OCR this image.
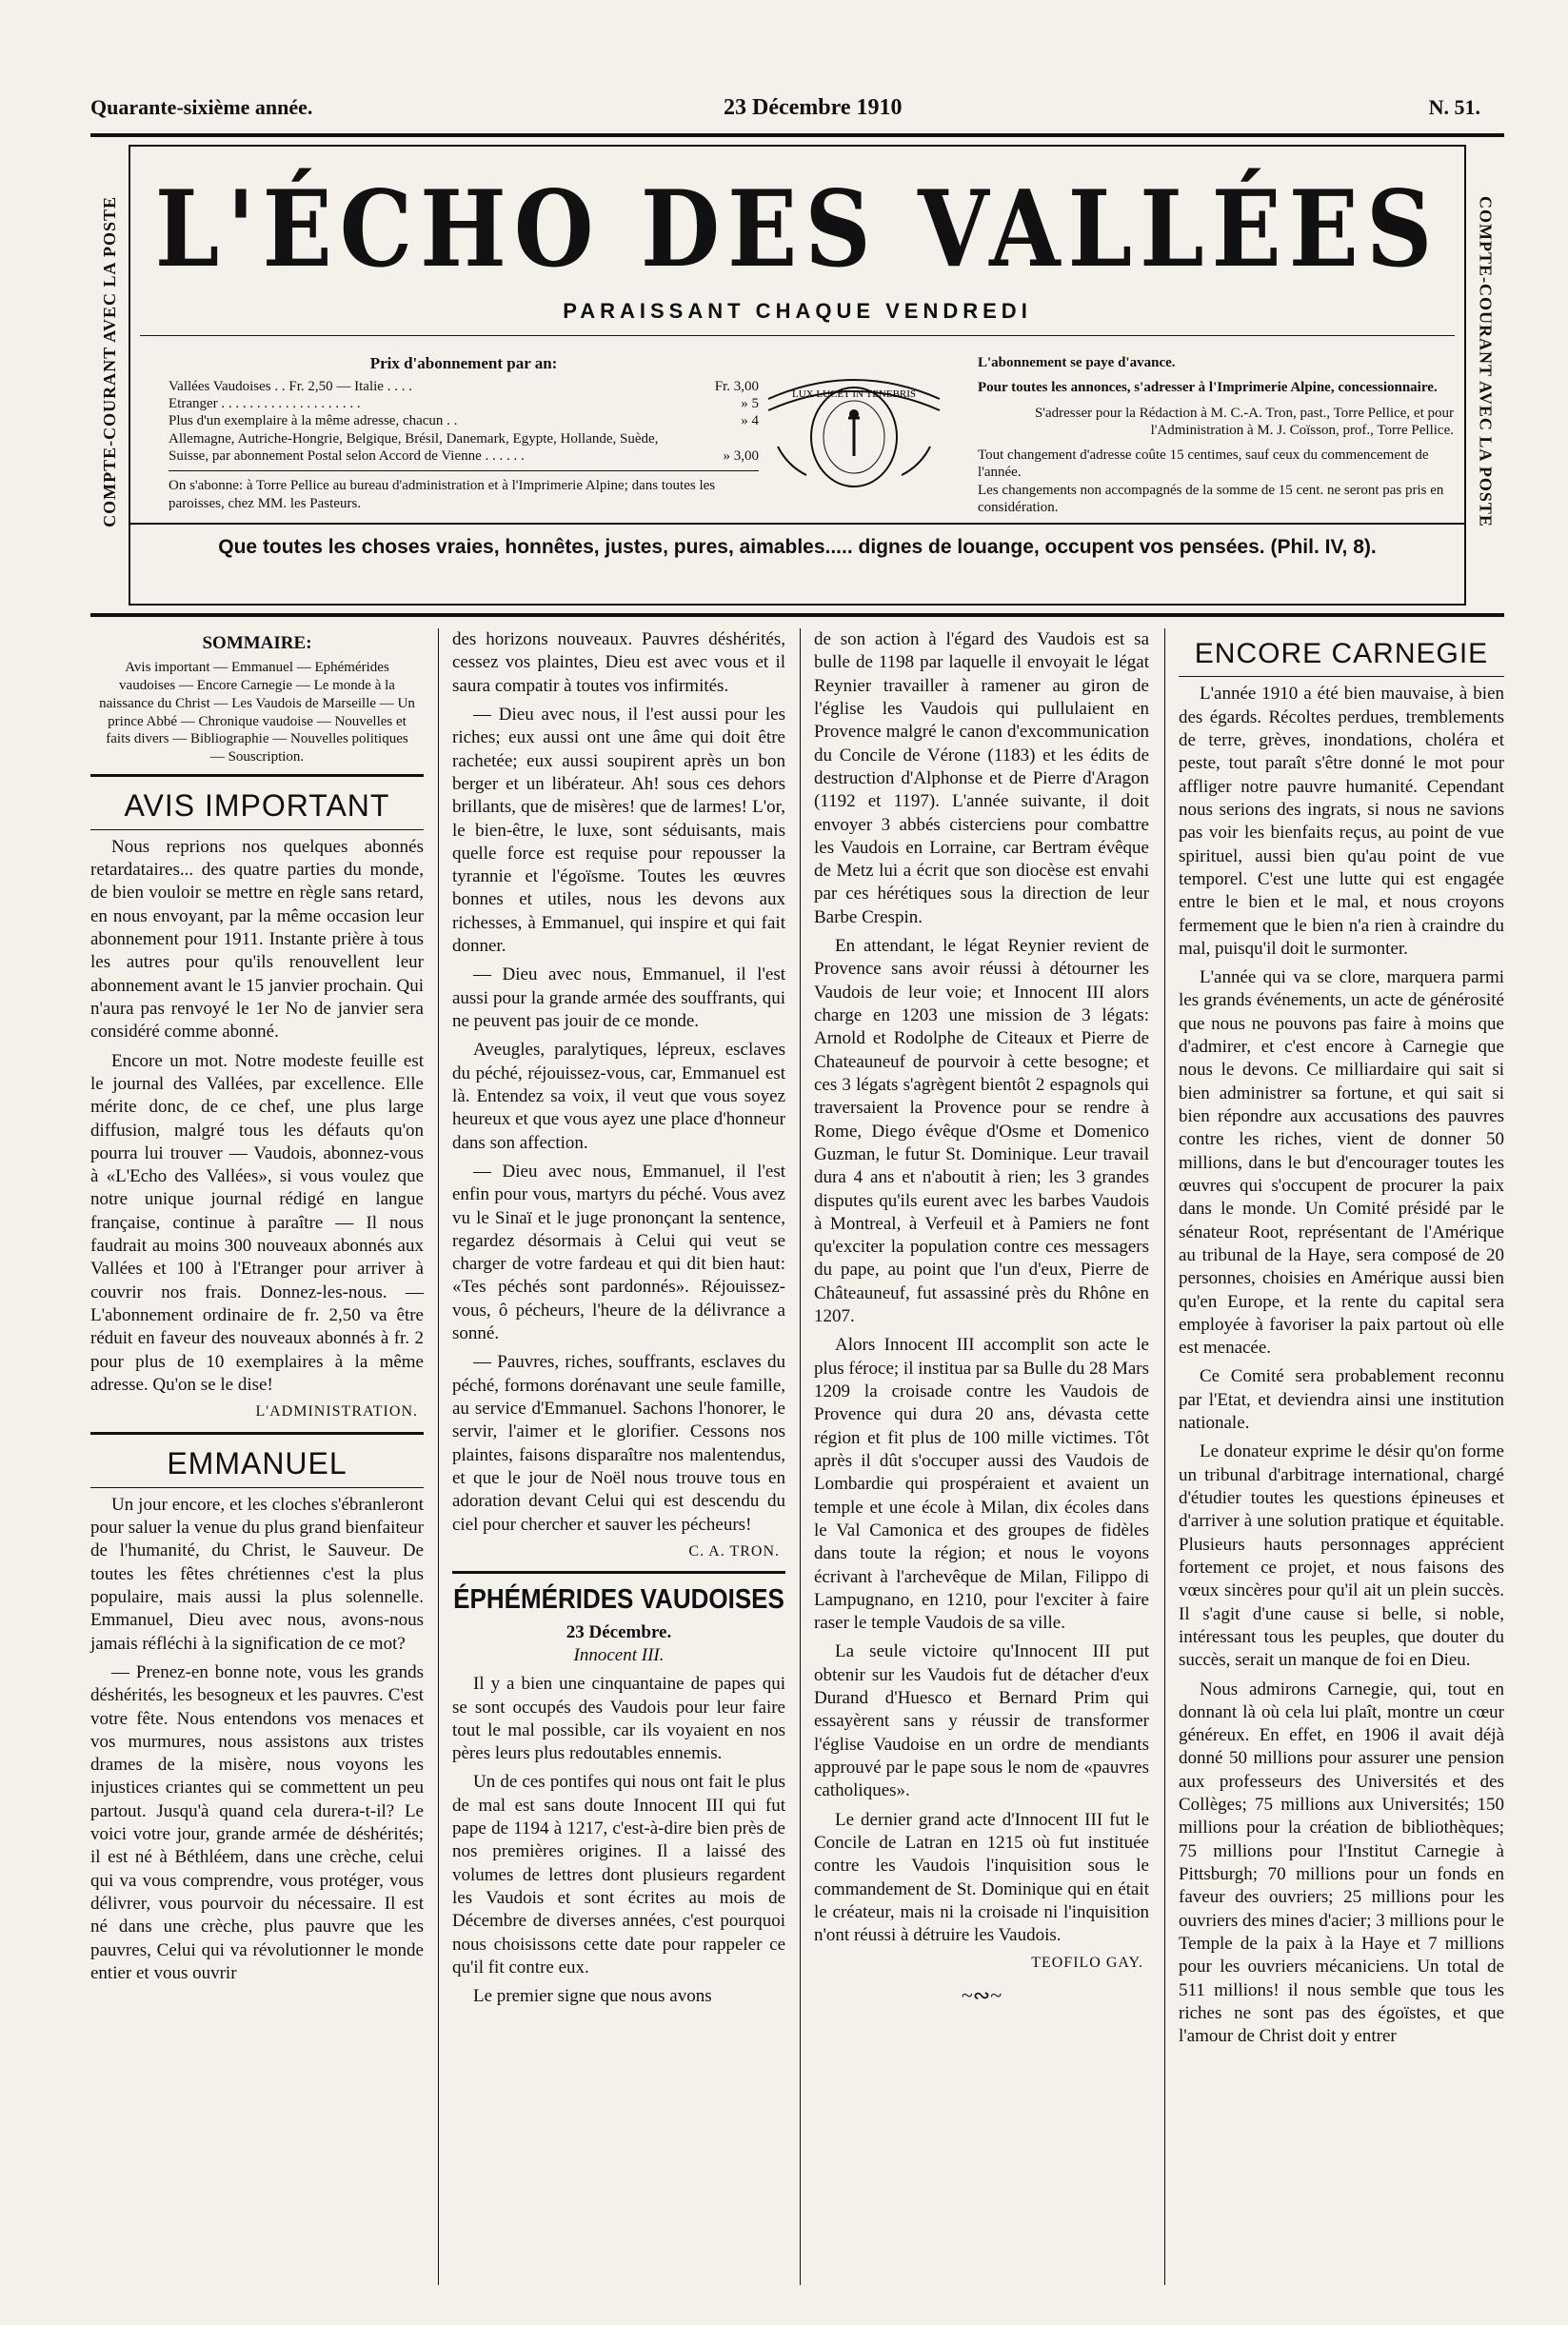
Quarante-sixième année.	23 Décembre 1910	N. 51.
COMPTE-COURANT AVEC LA POSTE	COMPTE-COURANT AVEC LA POSTE
L'ÉCHO DES VALLÉES
PARAISSANT CHAQUE VENDREDI
Prix d'abonnement par an:
Vallées Vaudoises . . Fr. 2,50 — Italie . . . .	Fr. 3,00
Etranger . . . . . . . . . . . . . . . . . . . .	» 5
Plus d'un exemplaire à la même adresse, chacun . .	» 4
Allemagne, Autriche-Hongrie, Belgique, Brésil, Danemark, Egypte, Hollande, Suède, Suisse, par abonnement Postal selon Accord de Vienne . . . . . .	» 3,00
On s'abonne: à Torre Pellice au bureau d'administration et à l'Imprimerie Alpine; dans toutes les paroisses, chez MM. les Pasteurs.
LUX LUCET IN TENEBRIS

L'abonnement se paye d'avance.

Pour toutes les annonces, s'adresser à l'Imprimerie Alpine, concessionnaire.

S'adresser pour la Rédaction à M. C.-A. Tron, past., Torre Pellice, et pour l'Administration à M. J. Coïsson, prof., Torre Pellice.

Tout changement d'adresse coûte 15 centimes, sauf ceux du commencement de l'année.

Les changements non accompagnés de la somme de 15 cent. ne seront pas pris en considération.

Que toutes les choses vraies, honnêtes, justes, pures, aimables..... dignes de louange, occupent vos pensées. (Phil. IV, 8).
SOMMAIRE:
Avis important — Emmanuel — Ephémérides vaudoises — Encore Carnegie — Le monde à la naissance du Christ — Les Vaudois de Marseille — Un prince Abbé — Chronique vaudoise — Nouvelles et faits divers — Bibliographie — Nouvelles politiques — Souscription.
AVIS IMPORTANT

Nous reprions nos quelques abonnés retardataires... des quatre parties du monde, de bien vouloir se mettre en règle sans retard, en nous envoyant, par la même occasion leur abonnement pour 1911. Instante prière à tous les autres pour qu'ils renouvellent leur abonnement avant le 15 janvier prochain. Qui n'aura pas renvoyé le 1er No de janvier sera considéré comme abonné.

Encore un mot. Notre modeste feuille est le journal des Vallées, par excellence. Elle mérite donc, de ce chef, une plus large diffusion, malgré tous les défauts qu'on pourra lui trouver — Vaudois, abonnez-vous à «L'Echo des Vallées», si vous voulez que notre unique journal rédigé en langue française, continue à paraître — Il nous faudrait au moins 300 nouveaux abonnés aux Vallées et 100 à l'Etranger pour arriver à couvrir nos frais. Donnez-les-nous. — L'abonnement ordinaire de fr. 2,50 va être réduit en faveur des nouveaux abonnés à fr. 2 pour plus de 10 exemplaires à la même adresse. Qu'on se le dise!

L'ADMINISTRATION.
EMMANUEL

Un jour encore, et les cloches s'ébranleront pour saluer la venue du plus grand bienfaiteur de l'humanité, du Christ, le Sauveur. De toutes les fêtes chrétiennes c'est la plus populaire, mais aussi la plus solennelle. Emmanuel, Dieu avec nous, avons-nous jamais réfléchi à la signification de ce mot?

— Prenez-en bonne note, vous les grands déshérités, les besogneux et les pauvres. C'est votre fête. Nous entendons vos menaces et vos murmures, nous assistons aux tristes drames de la misère, nous voyons les injustices criantes qui se commettent un peu partout. Jusqu'à quand cela durera-t-il? Le voici votre jour, grande armée de déshérités; il est né à Béthléem, dans une crèche, celui qui va vous comprendre, vous protéger, vous délivrer, vous pourvoir du nécessaire. Il est né dans une crèche, plus pauvre que les pauvres, Celui qui va révolutionner le monde entier et vous ouvrir

des horizons nouveaux. Pauvres déshérités, cessez vos plaintes, Dieu est avec vous et il saura compatir à toutes vos infirmités.

— Dieu avec nous, il l'est aussi pour les riches; eux aussi ont une âme qui doit être rachetée; eux aussi soupirent après un bon berger et un libérateur. Ah! sous ces dehors brillants, que de misères! que de larmes! L'or, le bien-être, le luxe, sont séduisants, mais quelle force est requise pour repousser la tyrannie et l'égoïsme. Toutes les œuvres bonnes et utiles, nous les devons aux richesses, à Emmanuel, qui inspire et qui fait donner.

— Dieu avec nous, Emmanuel, il l'est aussi pour la grande armée des souffrants, qui ne peuvent pas jouir de ce monde.

Aveugles, paralytiques, lépreux, esclaves du péché, réjouissez-vous, car, Emmanuel est là. Entendez sa voix, il veut que vous soyez heureux et que vous ayez une place d'honneur dans son affection.

— Dieu avec nous, Emmanuel, il l'est enfin pour vous, martyrs du péché. Vous avez vu le Sinaï et le juge prononçant la sentence, regardez désormais à Celui qui veut se charger de votre fardeau et qui dit bien haut: «Tes péchés sont pardonnés». Réjouissez-vous, ô pécheurs, l'heure de la délivrance a sonné.

— Pauvres, riches, souffrants, esclaves du péché, formons dorénavant une seule famille, au service d'Emmanuel. Sachons l'honorer, le servir, l'aimer et le glorifier. Cessons nos plaintes, faisons disparaître nos malentendus, et que le jour de Noël nous trouve tous en adoration devant Celui qui est descendu du ciel pour chercher et sauver les pécheurs!

C. A. TRON.
ÉPHÉMÉRIDES VAUDOISES
23 Décembre.
Innocent III.

Il y a bien une cinquantaine de papes qui se sont occupés des Vaudois pour leur faire tout le mal possible, car ils voyaient en nos pères leurs plus redoutables ennemis.

Un de ces pontifes qui nous ont fait le plus de mal est sans doute Innocent III qui fut pape de 1194 à 1217, c'est-à-dire bien près de nos premières origines. Il a laissé des volumes de lettres dont plusieurs regardent les Vaudois et sont écrites au mois de Décembre de diverses années, c'est pourquoi nous choisissons cette date pour rappeler ce qu'il fit contre eux.

Le premier signe que nous avons

de son action à l'égard des Vaudois est sa bulle de 1198 par laquelle il envoyait le légat Reynier travailler à ramener au giron de l'église les Vaudois qui pullulaient en Provence malgré le canon d'excommunication du Concile de Vérone (1183) et les édits de destruction d'Alphonse et de Pierre d'Aragon (1192 et 1197). L'année suivante, il doit envoyer 3 abbés cisterciens pour combattre les Vaudois en Lorraine, car Bertram évêque de Metz lui a écrit que son diocèse est envahi par ces hérétiques sous la direction de leur Barbe Crespin.

En attendant, le légat Reynier revient de Provence sans avoir réussi à détourner les Vaudois de leur voie; et Innocent III alors charge en 1203 une mission de 3 légats: Arnold et Rodolphe de Citeaux et Pierre de Chateauneuf de pourvoir à cette besogne; et ces 3 légats s'agrègent bientôt 2 espagnols qui traversaient la Provence pour se rendre à Rome, Diego évêque d'Osme et Domenico Guzman, le futur St. Dominique. Leur travail dura 4 ans et n'aboutit à rien; les 3 grandes disputes qu'ils eurent avec les barbes Vaudois à Montreal, à Verfeuil et à Pamiers ne font qu'exciter la population contre ces messagers du pape, au point que l'un d'eux, Pierre de Châteauneuf, fut assassiné près du Rhône en 1207.

Alors Innocent III accomplit son acte le plus féroce; il institua par sa Bulle du 28 Mars 1209 la croisade contre les Vaudois de Provence qui dura 20 ans, dévasta cette région et fit plus de 100 mille victimes. Tôt après il dût s'occuper aussi des Vaudois de Lombardie qui prospéraient et avaient un temple et une école à Milan, dix écoles dans le Val Camonica et des groupes de fidèles dans toute la région; et nous le voyons écrivant à l'archevêque de Milan, Filippo di Lampugnano, en 1210, pour l'exciter à faire raser le temple Vaudois de sa ville.

La seule victoire qu'Innocent III put obtenir sur les Vaudois fut de détacher d'eux Durand d'Huesco et Bernard Prim qui essayèrent sans y réussir de transformer l'église Vaudoise en un ordre de mendiants approuvé par le pape sous le nom de «pauvres catholiques».

Le dernier grand acte d'Innocent III fut le Concile de Latran en 1215 où fut instituée contre les Vaudois l'inquisition sous le commandement de St. Dominique qui en était le créateur, mais ni la croisade ni l'inquisition n'ont réussi à détruire les Vaudois.

TEOFILO GAY.
~∾~
ENCORE CARNEGIE

L'année 1910 a été bien mauvaise, à bien des égards. Récoltes perdues, tremblements de terre, grèves, inondations, choléra et peste, tout paraît s'être donné le mot pour affliger notre pauvre humanité. Cependant nous serions des ingrats, si nous ne savions pas voir les bienfaits reçus, au point de vue spirituel, aussi bien qu'au point de vue temporel. C'est une lutte qui est engagée entre le bien et le mal, et nous croyons fermement que le bien n'a rien à craindre du mal, puisqu'il doit le surmonter.

L'année qui va se clore, marquera parmi les grands événements, un acte de générosité que nous ne pouvons pas faire à moins que d'admirer, et c'est encore à Carnegie que nous le devons. Ce milliardaire qui sait si bien administrer sa fortune, et qui sait si bien répondre aux accusations des pauvres contre les riches, vient de donner 50 millions, dans le but d'encourager toutes les œuvres qui s'occupent de procurer la paix dans le monde. Un Comité présidé par le sénateur Root, représentant de l'Amérique au tribunal de la Haye, sera composé de 20 personnes, choisies en Amérique aussi bien qu'en Europe, et la rente du capital sera employée à favoriser la paix partout où elle est menacée.

Ce Comité sera probablement reconnu par l'Etat, et deviendra ainsi une institution nationale.

Le donateur exprime le désir qu'on forme un tribunal d'arbitrage international, chargé d'étudier toutes les questions épineuses et d'arriver à une solution pratique et équitable. Plusieurs hauts personnages apprécient fortement ce projet, et nous faisons des vœux sincères pour qu'il ait un plein succès. Il s'agit d'une cause si belle, si noble, intéressant tous les peuples, que douter du succès, serait un manque de foi en Dieu.

Nous admirons Carnegie, qui, tout en donnant là où cela lui plaît, montre un cœur généreux. En effet, en 1906 il avait déjà donné 50 millions pour assurer une pension aux professeurs des Universités et des Collèges; 75 millions aux Universités; 150 millions pour la création de bibliothèques; 75 millions pour l'Institut Carnegie à Pittsburgh; 70 millions pour un fonds en faveur des ouvriers; 25 millions pour les ouvriers des mines d'acier; 3 millions pour le Temple de la paix à la Haye et 7 millions pour les ouvriers mécaniciens. Un total de 511 millions! il nous semble que tous les riches ne sont pas des égoïstes, et que l'amour de Christ doit y entrer
